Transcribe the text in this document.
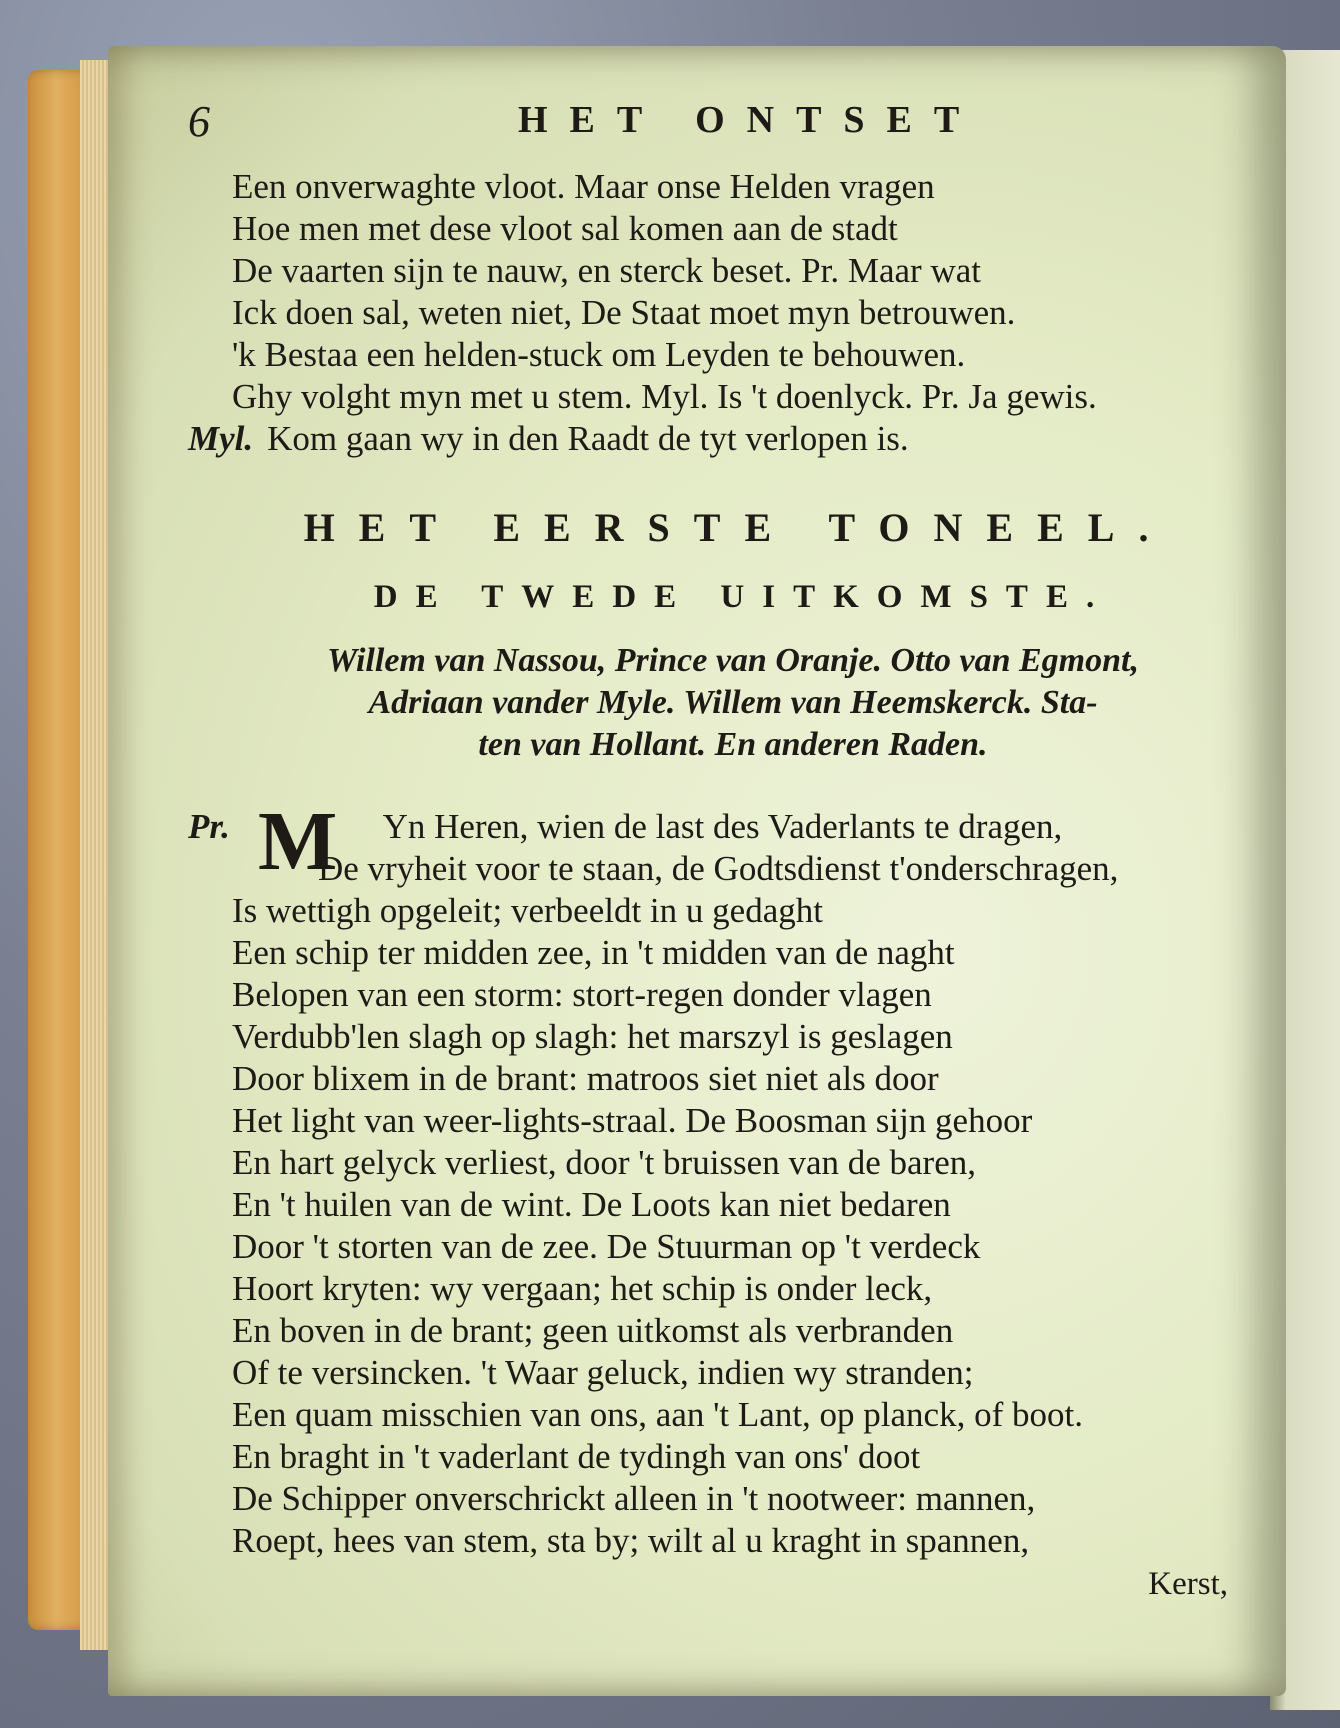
6	HET ONTSET
Een onverwaghte vloot. Maar onse Helden vragen
Hoe men met dese vloot sal komen aan de stadt
De vaarten sijn te nauw, en sterck beset. Pr. Maar wat
Ick doen sal, weten niet, De Staat moet myn betrouwen.
'k Bestaa een helden-stuck om Leyden te behouwen.
Ghy volght myn met u stem. Myl. Is 't doenlyck. Pr. Ja gewis.
Myl. Kom gaan wy in den Raadt de tyt verlopen is.
HET EERSTE TONEEL.
DE TWEDE UITKOMSTE.
Willem van Nassou, Prince van Oranje. Otto van Egmont,
Adriaan vander Myle. Willem van Heemskerck. Sta-
ten van Hollant. En anderen Raden.
Pr. M Yn Heren, wien de last des Vaderlants te dragen,
De vryheit voor te staan, de Godtsdienst t'onderschragen,
Is wettigh opgeleit; verbeeldt in u gedaght
Een schip ter midden zee, in 't midden van de naght
Belopen van een storm: stort-regen donder vlagen
Verdubb'len slagh op slagh: het marszyl is geslagen
Door blixem in de brant: matroos siet niet als door
Het light van weer-lights-straal. De Boosman sijn gehoor
En hart gelyck verliest, door 't bruissen van de baren,
En 't huilen van de wint. De Loots kan niet bedaren
Door 't storten van de zee. De Stuurman op 't verdeck
Hoort kryten: wy vergaan; het schip is onder leck,
En boven in de brant; geen uitkomst als verbranden
Of te versincken. 't Waar geluck, indien wy stranden;
Een quam misschien van ons, aan 't Lant, op planck, of boot.
En braght in 't vaderlant de tydingh van ons' doot
De Schipper onverschrickt alleen in 't nootweer: mannen,
Roept, hees van stem, sta by; wilt al u kraght in spannen,
Kerst,
